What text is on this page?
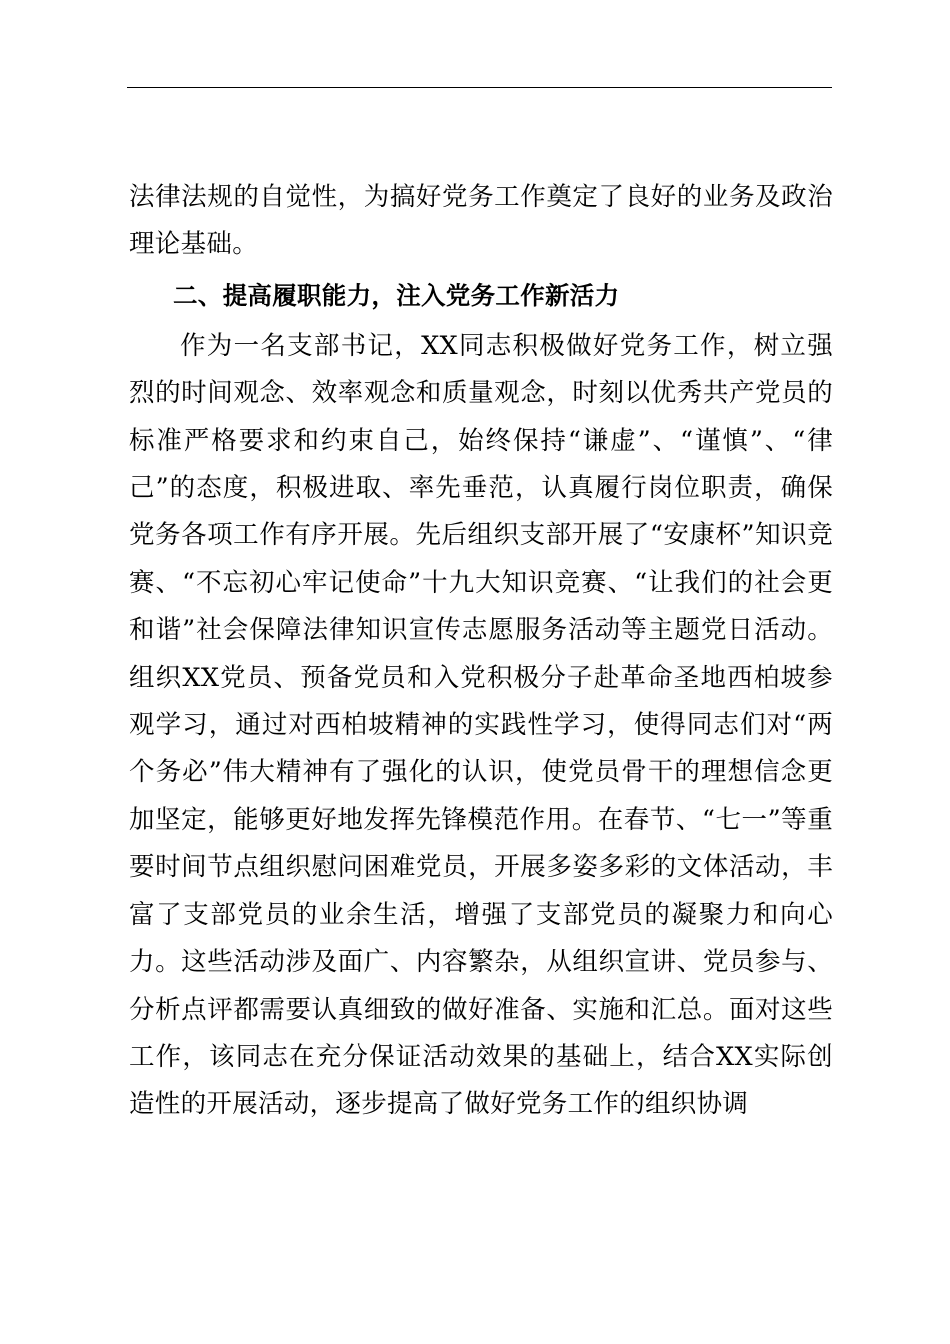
法律法规的自觉性，为搞好党务工作奠定了良好的业务及政治理论基础。

二、提高履职能力，注入党务工作新活力

作为一名支部书记，XX同志积极做好党务工作，树立强烈的时间观念、效率观念和质量观念，时刻以优秀共产党员的标准严格要求和约束自己，始终保持“谦虚”、“谨慎”、“律己”的态度，积极进取、率先垂范，认真履行岗位职责，确保党务各项工作有序开展。先后组织支部开展了“安康杯”知识竞赛、“不忘初心牢记使命”十九大知识竞赛、“让我们的社会更和谐”社会保障法律知识宣传志愿服务活动等主题党日活动。组织XX党员、预备党员和入党积极分子赴革命圣地西柏坡参观学习，通过对西柏坡精神的实践性学习，使得同志们对“两个务必”伟大精神有了强化的认识，使党员骨干的理想信念更加坚定，能够更好地发挥先锋模范作用。在春节、“七一”等重要时间节点组织慰问困难党员，开展多姿多彩的文体活动，丰富了支部党员的业余生活，增强了支部党员的凝聚力和向心力。这些活动涉及面广、内容繁杂，从组织宣讲、党员参与、分析点评都需要认真细致的做好准备、实施和汇总。面对这些工作，该同志在充分保证活动效果的基础上，结合XX实际创造性的开展活动，逐步提高了做好党务工作的组织协调
